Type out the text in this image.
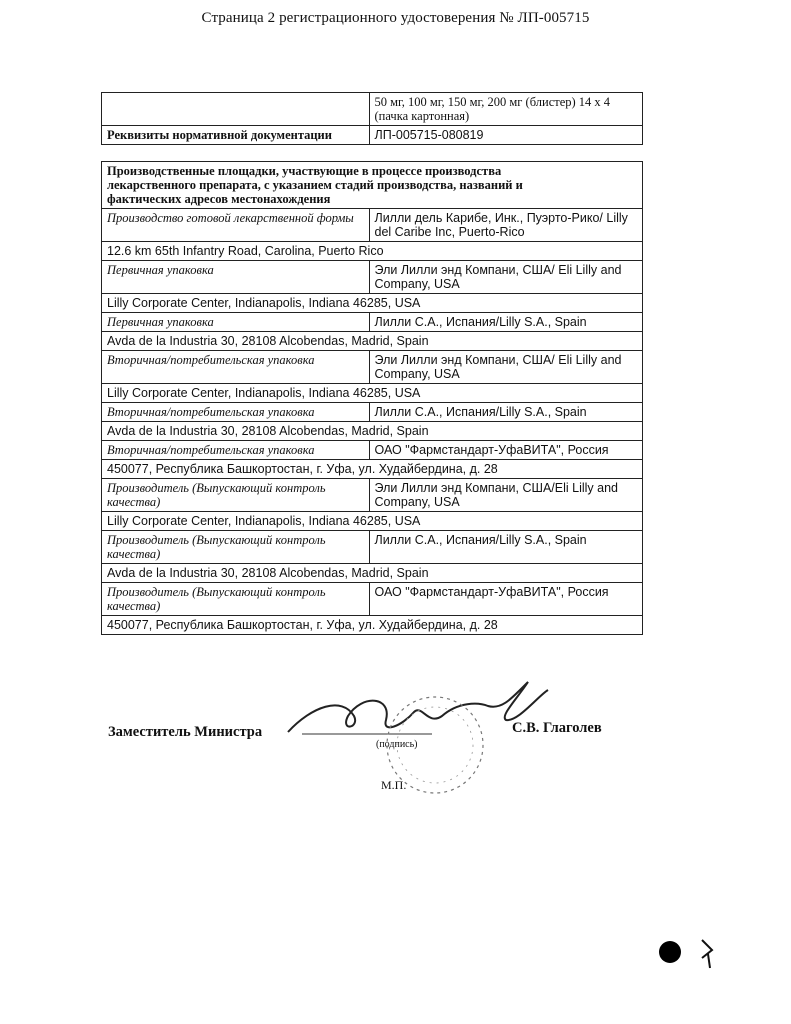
Страница 2 регистрационного удостоверения № ЛП-005715
	50 мг, 100 мг, 150 мг, 200 мг (блистер) 14 х 4 (пачка картонная)
Реквизиты нормативной документации	ЛП-005715-080819
Производственные площадки, участвующие в процессе производства лекарственного препарата, с указанием стадий производства, названий и фактических адресов местонахождения	
Производство готовой лекарственной формы	Лилли дель Карибе, Инк., Пуэрто-Рико/ Lilly del Caribe Inc, Puerto-Rico
12.6 km 65th Infantry Road, Carolina, Puerto Rico	
Первичная упаковка	Эли Лилли энд Компани, США/ Eli Lilly and Company, USA
Lilly Corporate Center, Indianapolis, Indiana 46285, USA	
Первичная упаковка	Лилли С.А., Испания/Lilly S.A., Spain
Avda de la Industria 30, 28108 Alcobendas, Madrid, Spain	
Вторичная/потребительская упаковка	Эли Лилли энд Компани, США/ Eli Lilly and Company, USA
Lilly Corporate Center, Indianapolis, Indiana 46285, USA	
Вторичная/потребительская упаковка	Лилли С.А., Испания/Lilly S.A., Spain
Avda de la Industria 30, 28108 Alcobendas, Madrid, Spain	
Вторичная/потребительская упаковка	ОАО "Фармстандарт-УфаВИТА", Россия
450077, Республика Башкортостан, г. Уфа, ул. Худайбердина, д. 28	
Производитель (Выпускающий контроль качества)	Эли Лилли энд Компани, США/Eli Lilly and Company, USA
Lilly Corporate Center, Indianapolis, Indiana 46285, USA	
Производитель (Выпускающий контроль качества)	Лилли С.А., Испания/Lilly S.A., Spain
Avda de la Industria 30, 28108 Alcobendas, Madrid, Spain	
Производитель (Выпускающий контроль качества)	ОАО "Фармстандарт-УфаВИТА", Россия
450077, Республика Башкортостан, г. Уфа, ул. Худайбердина, д. 28	
Заместитель Министра	С.В. Глаголев
(подпись)
М.П.
